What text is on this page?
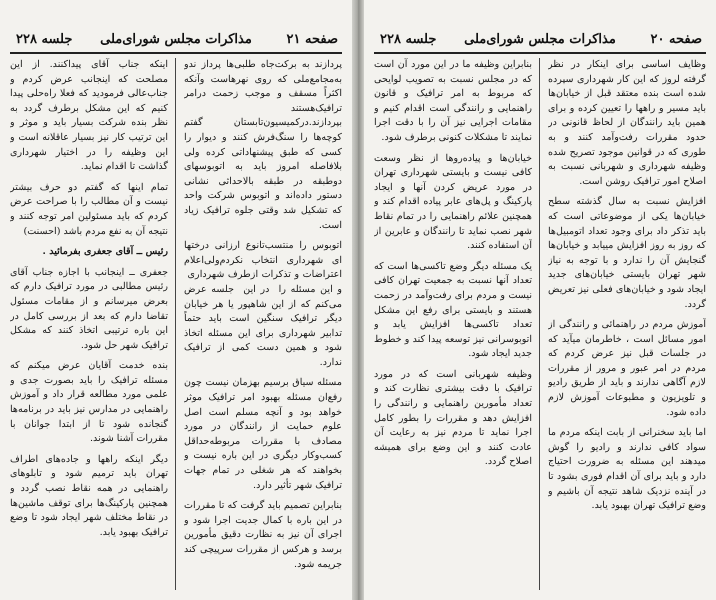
صفحه ۲۱
مذاکرات مجلس شورای‌ملی
جلسه ۲۲۸

پردازند به برکت‌جاه ‌طلبی‌ها پرداز ندو به‌مجامع‌ملی ‌که روی نهرهاست وآنکه اکثراً مسقف و موجب زحمت درامر ترافیک‌هستند بپردازند.درکمیسیون‌تابستان گفتم کوچه‌ها را سنگ‌فرش کنند و دیوار را کسی که طبق پیشنهاداتی کرده ولی بلافاصله امروز باید به اتوبوسهای دوطبقه در طبقه بالاحداثی نشانی دستور داده‌اند و اتوبوس شرکت واحد که تشکیل شد وقتی جلوه ترافیک زیاد است.

اتوبوس را منتسب‌تا‌نوع ارزانی‌ درختها ای‌ شهرداری انتخاب‌ نکردم‌ولی‌اعلام‌ اعتراضات‌ و تذکرات‌ ازطرف شهرداری‌ ‌ ‌و این‌ مسئله‌ را ‌ در این‌ ‌ ‌جلسه‌ عرض‌ می‌کنم که از این شاهپور ‌یا هر خیابان‌ دیگر ترافیک سنگین است باید حتماً تدابیر شهرداری‌ برای این مسئله‌ اتخاذ‌ شود‌ و همین‌ دست‌ کمی‌ از‌ ترافیک‌ ندارد‌.

مسئله سیاق برسیم بهزمان نیست چون رفع‌ان مسئله بهبود امر ترافیک موثر خواهد بود و آنچه مسلم است اصل علوم حمایت از رانندگان در مورد مصادف با مقررات مربوطه‌حداقل کسب‌و‌کار دیگری‌ در این‌ باره‌ نیست و بخواهند که هر شغلی در تمام‌ جهات‌ ترافیک‌ شهر تأثیر دارد.

بنابراین تصمیم‌ باید گرفت‌ که‌ تا‌ مقررات‌ در‌ این‌ باره‌ با کمال‌ جدیت اجرا شود و اجرای‌ آن‌ نیز‌ به‌ نظارت‌ دقیق‌ مأمورین‌ برسد و هرکس‌ از‌ مقررات‌ سرپیچی‌ کند‌ جریمه‌ شود.

اینکه جناب‌ آقای پیداکنند. از این مصلحت ‌که‌ اینجانب‌ عرض‌ کردم و جناب‌عالی‌ فرمودید که ‌فعلا‌ راه‌حلی‌ پیدا‌ کنیم‌ که ‌‌این‌ مشکل برطرف گردد به نظر بنده شرکت بسیار باید و موثر و این‌ ترتیب‌ کار‌ نیز‌ بسیار ‌عاقلانه است‌ و این‌ وظیفه را‌ در‌ اختیار‌ شهرداری‌ گذاشت تا اقدام نماید.

تمام‌ اینها‌ که‌ گفتم‌ ‌دو‌ حرف‌ بیشتر‌ نیست‌ ‌و‌ آن‌ مطالب‌ را‌ با‌ صراحت‌ عرض‌ کردم‌ که‌ باید‌ مسئولین‌ امر‌ توجه‌ کنند‌ و‌ نتیجه‌ آن‌ به‌ نفع‌ مردم‌ باشد‌ (احسنت)

رئیس ــ آقای جعفری بفرمائید .

جعفری ــ اینجانب با اجازه جناب آقای رئیس مطالبی در مورد ترافیک دارم که بعرض میرسانم و از مقامات مسئول تقاضا دارم که بعد از بررسی کامل در این باره ترتیبی اتخاذ کنند که مشکل ترافیک شهر حل شود.

بنده خدمت آقایان عرض میکنم که مسئله ترافیک را باید بصورت جدی و علمی مورد مطالعه قرار داد و آموزش راهنمایی در مدارس نیز باید در برنامه‌ها گنجانده شود تا از ابتدا جوانان با مقررات آشنا شوند.

دیگر اینکه راهها و جاده‌های اطراف تهران باید ترمیم شود و تابلوهای راهنمایی در همه نقاط نصب گردد و همچنین پارکینگ‌ها برای توقف ماشین‌ها در نقاط مختلف شهر ایجاد شود تا وضع ترافیک بهبود یابد.

صفحه ۲۰
مذاکرات مجلس شورای‌ملی
جلسه ۲۲۸

وظایف اساسی برای اینکار در نظر گرفته لروز که این کار شهرداری سپرده شده است بنده معتقد قبل از خیابان‌ها باید مسیر و راهها را تعیین کرده و برای همین باید رانندگان از لحاظ قانونی در حدود مقررات رفت‌وآمد کنند و به طوری که در قوانین موجود تصریح شده وظیفه شهرداری و شهربانی نسبت به اصلاح امور ترافیک روشن است.

افزایش نسبت به سال گذشته سطح خیابان‌ها یکی از موضوعاتی است که باید تذکر داد برای وجود تعداد اتومبیل‌ها که روز به روز افزایش مییابد و خیابان‌ها گنجایش آن را ندارد و با توجه به نیاز شهر تهران بایستی خیابان‌های جدید ایجاد شود و خیابان‌های فعلی نیز تعریض گردد.

آموزش مردم در راهنمائی و رانندگی از امور مسائل است ، خاطرمان میآید که در جلسات قبل نیز عرض کردم که مردم در امر عبور و مرور از مقررات لازم آگاهی ندارند و باید از طریق رادیو و تلویزیون و مطبوعات آموزش لازم داده شود.

اما باید سخنرانی از بابت اینکه مردم ما سواد کافی ندارند و رادیو را گوش میدهند این مسئله به ضرورت احتیاج دارد و باید برای آن اقدام فوری بشود تا در آینده نزدیک شاهد نتیجه آن باشیم و وضع ترافیک تهران بهبود یابد.

بنابراین وظیفه ما ‌در ‌این مورد آن است که در مجلس نسبت به تصویب لوایحی که مربوط به امر ترافیک و قانون راهنمایی و رانندگی است اقدام کنیم و مقامات اجرایی نیز آن را با دقت اجرا نمایند تا مشکلات کنونی برطرف شود.

خیابان‌ها و پیاده‌روها از نظر وسعت کافی نیست و بایستی شهرداری تهران در مورد عریض کردن آنها و ایجاد پارکینگ و پل‌های عابر پیاده اقدام کند و همچنین علائم راهنمایی را در تمام نقاط شهر نصب نماید تا رانندگان و عابرین از آن استفاده کنند.

یک مسئله دیگر وضع تاکسی‌ها است که تعداد آنها نسبت به جمعیت تهران کافی نیست و مردم برای رفت‌وآمد در زحمت هستند و بایستی برای رفع این مشکل تعداد تاکسی‌ها افزایش یابد و اتوبوسرانی نیز توسعه پیدا کند و خطوط جدید ایجاد شود.

وظیفه شهربانی است که در مورد ترافیک با دقت بیشتری نظارت کند و تعداد مأمورین راهنمایی و رانندگی را افزایش دهد و مقررات را بطور کامل اجرا نماید تا مردم نیز به رعایت آن عادت کنند و این وضع برای همیشه اصلاح گردد.
